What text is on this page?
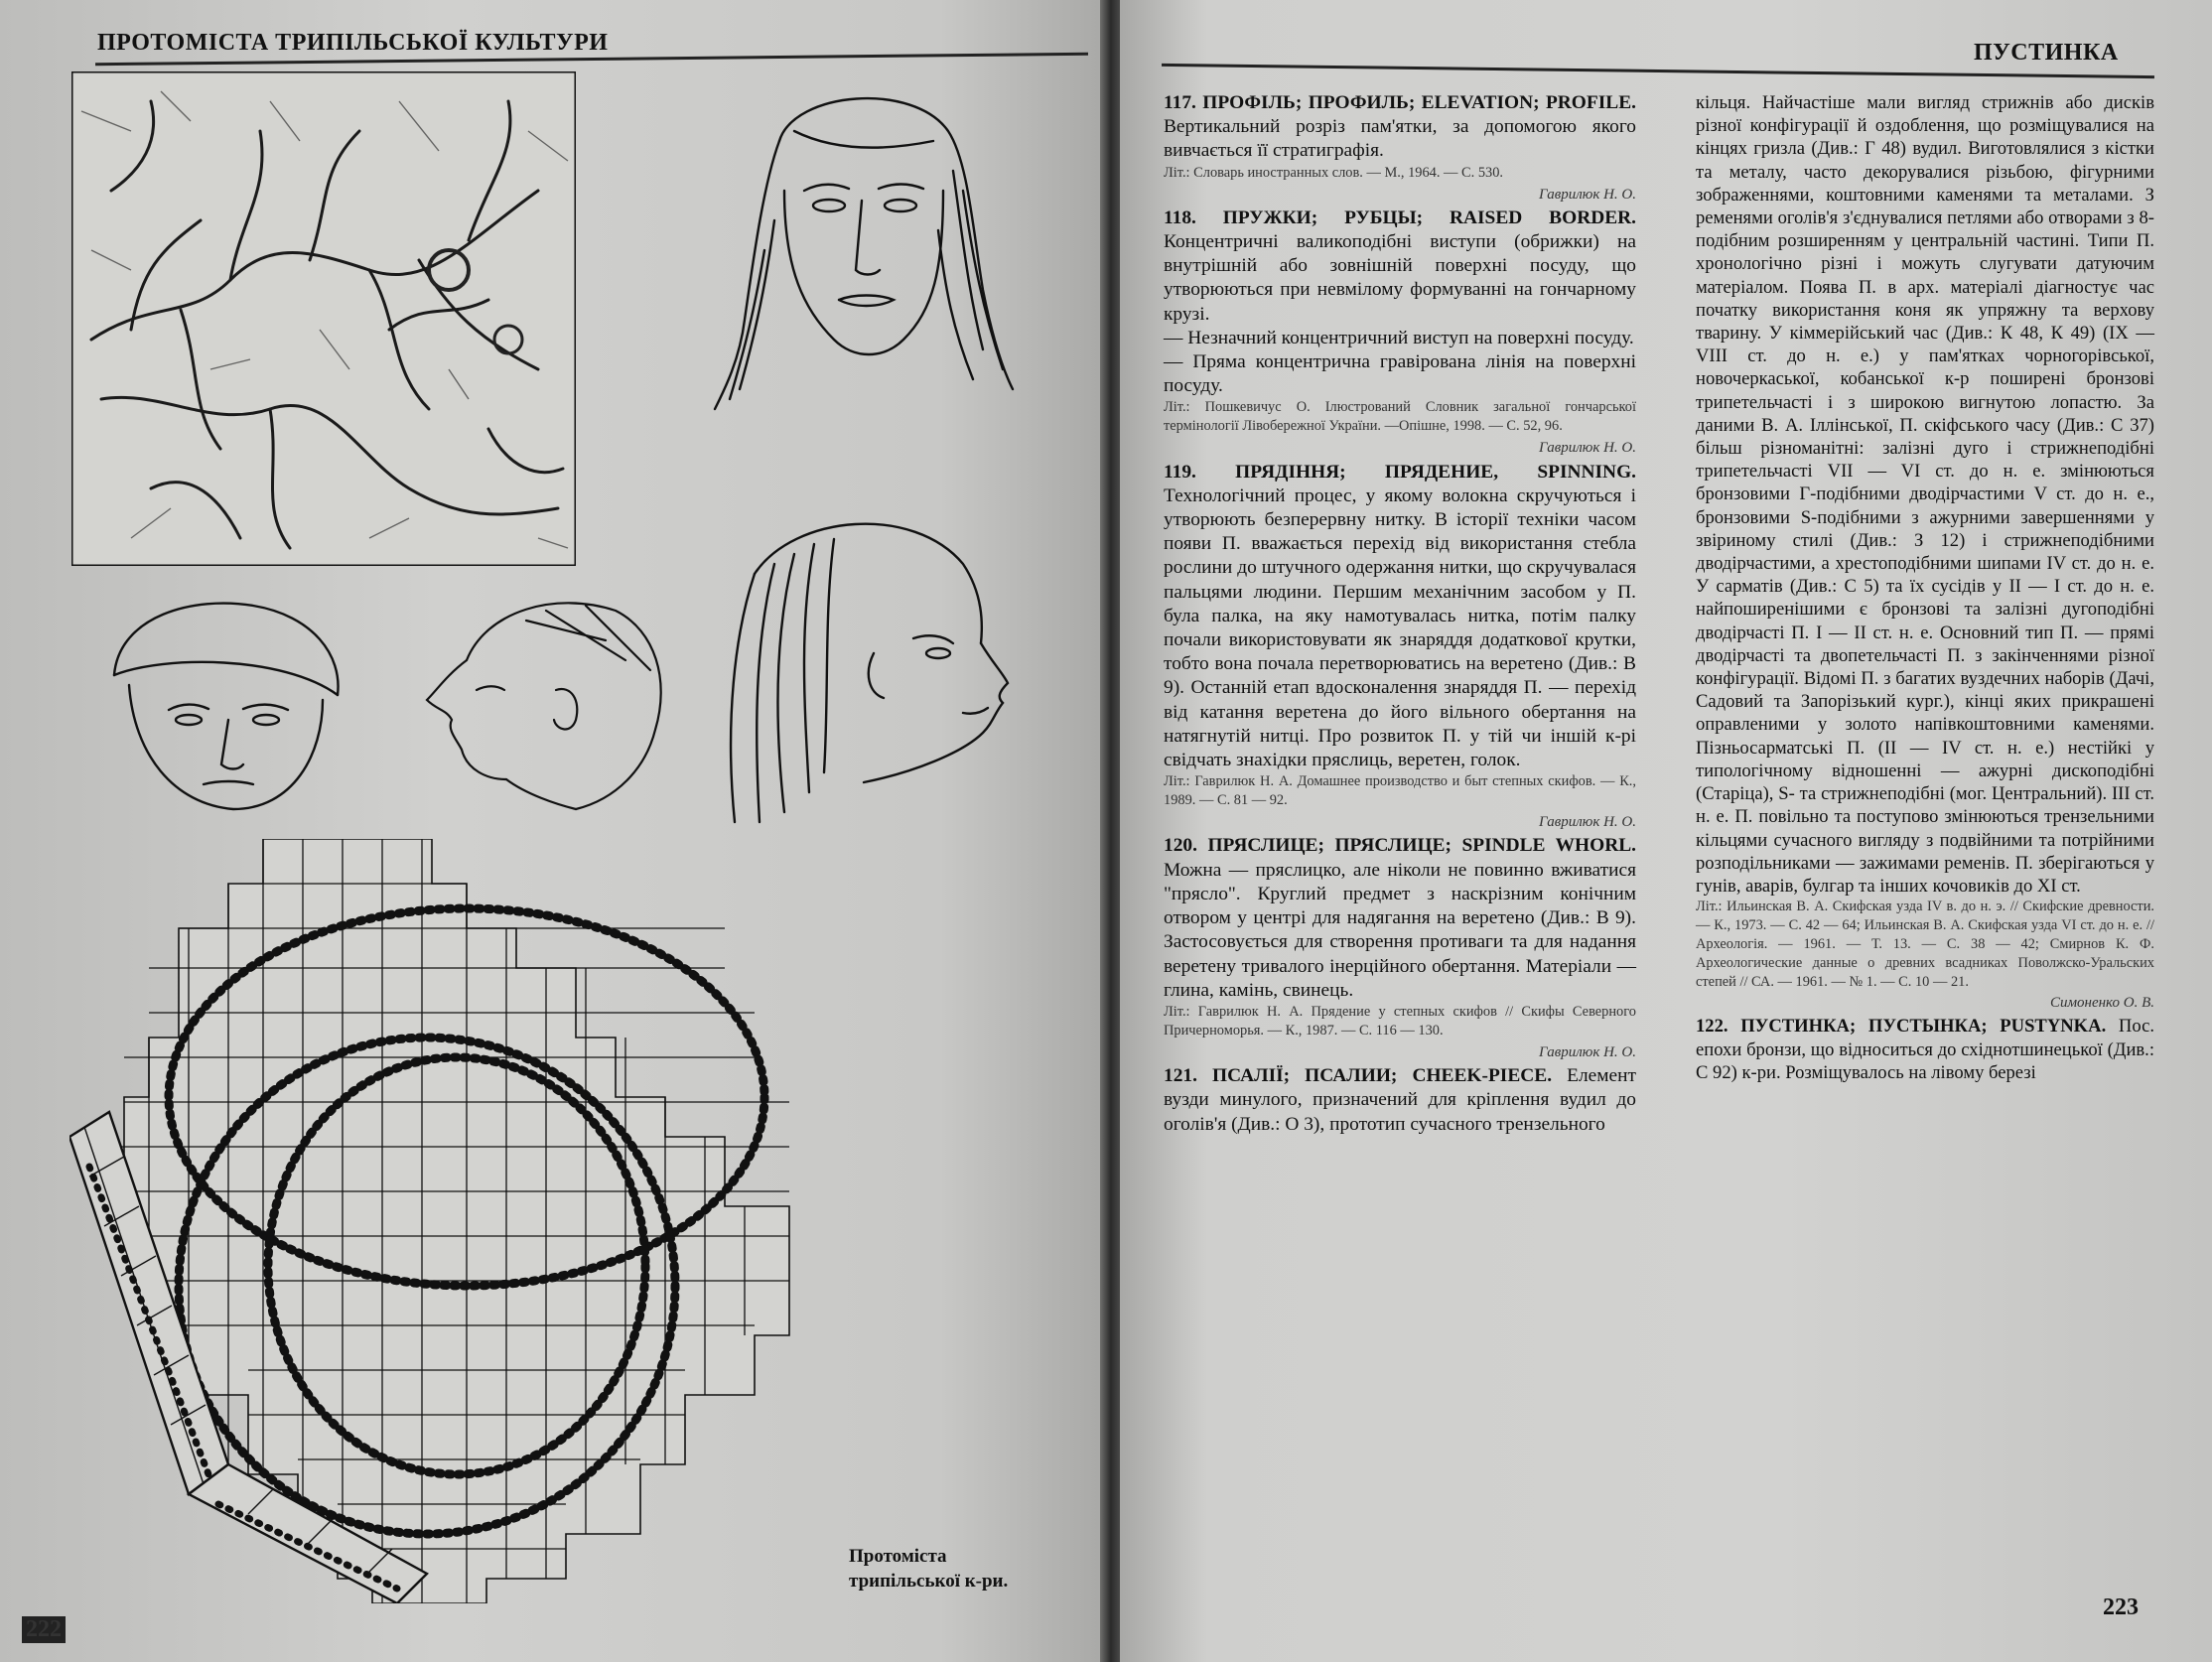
ПРОТОМІСТА ТРИПІЛЬСЬКОЇ КУЛЬТУРИ
Протоміста
трипільської к-ри.
222
ПУСТИНКА

117. ПРОФІЛЬ; ПРОФИЛЬ; ELEVATION; PROFILE. Вертикальний розріз пам'ятки, за допомогою якого вивчається її стратиграфія.

Літ.: Словарь иностранных слов. — М., 1964. — С. 530.

Гаврилюк Н. О.

118. ПРУЖКИ; РУБЦЫ; RAISED BORDER. Концентричні валикоподібні виступи (обрижки) на внутрішній або зовнішній поверхні посуду, що утворюються при невмілому формуванні на гончарному крузі.

— Незначний концентричний виступ на поверхні посуду.

— Пряма концентрична гравірована лінія на поверхні посуду.

Літ.: Пошкевичус О. Ілюстрований Словник загальної гончарської термінології Лівобережної України. —Опішне, 1998. — С. 52, 96.

Гаврилюк Н. О.

119. ПРЯДІННЯ; ПРЯДЕНИЕ, SPINNING. Технологічний процес, у якому волокна скручуються і утворюють безперервну нитку. В історії техніки часом появи П. вважається перехід від використання стебла рослини до штучного одержання нитки, що скручувалася пальцями людини. Першим механічним засобом у П. була палка, на яку намотувалась нитка, потім палку почали використовувати як знаряддя додаткової крутки, тобто вона почала перетворюватись на веретено (Див.: В 9). Останній етап вдосконалення знаряддя П. — перехід від катання веретена до його вільного обертання на натягнутій нитці. Про розвиток П. у тій чи іншій к-рі свідчать знахідки пряслиць, веретен, голок.

Літ.: Гаврилюк Н. А. Домашнее производство и быт степных скифов. — К., 1989. — С. 81 — 92.

Гаврилюк Н. О.

120. ПРЯСЛИЦЕ; ПРЯСЛИЦЕ; SPINDLE WHORL. Можна — пряслицко, але ніколи не повинно вживатися "прясло". Круглий предмет з наскрізним конічним отвором у центрі для надягання на веретено (Див.: В 9). Застосовується для створення противаги та для надання веретену тривалого інерційного обертання. Матеріали — глина, камінь, свинець.

Літ.: Гаврилюк Н. А. Прядение у степных скифов // Скифы Северного Причерноморья. — К., 1987. — С. 116 — 130.

Гаврилюк Н. О.

121. ПСАЛІЇ; ПСАЛИИ; CHEEK-PIECE. Елемент вузди минулого, призначений для кріплення вудил до оголів'я (Див.: О 3), прототип сучасного трензельного

кільця. Найчастіше мали вигляд стрижнів або дисків різної конфігурації й оздоблення, що розміщувалися на кінцях гризла (Див.: Г 48) вудил. Виготовлялися з кістки та металу, часто декорувалися різьбою, фігурними зображеннями, коштовними каменями та металами. З ременями оголів'я з'єднувалися петлями або отворами з 8-подібним розширенням у центральній частині. Типи П. хронологічно різні і можуть слугувати датуючим матеріалом. Поява П. в арх. матеріалі діагностує час початку використання коня як упряжну та верхову тварину. У кіммерійський час (Див.: К 48, К 49) (IX — VIII ст. до н. е.) у пам'ятках чорногорівської, новочеркаської, кобанської к-р поширені бронзові трипетельчасті і з широкою вигнутою лопастю. За даними В. А. Іллінської, П. скіфського часу (Див.: С 37) більш різноманітні: залізні дуго і стрижнеподібні трипетельчасті VII — VI ст. до н. е. змінюються бронзовими Г-подібними дводірчастими V ст. до н. е., бронзовими S-подібними з ажурними завершеннями у звіриному стилі (Див.: З 12) і стрижнеподібними дводірчастими, а хрестоподібними шипами IV ст. до н. е. У сарматів (Див.: С 5) та їх сусідів у II — I ст. до н. е. найпоширенішими є бронзові та залізні дугоподібні дводірчасті П. I — II ст. н. е. Основний тип П. — прямі дводірчасті та двопетельчасті П. з закінченнями різної конфігурації. Відомі П. з багатих вуздечних наборів (Дачі, Садовий та Запорізький кург.), кінці яких прикрашені оправленими у золото напівкоштовними каменями. Пізньосарматські П. (II — IV ст. н. е.) нестійкі у типологічному відношенні — ажурні дископодібні (Старіца), S- та стрижнеподібні (мог. Центральний). III ст. н. е. П. повільно та поступово змінюються трензельними кільцями сучасного вигляду з подвійними та потрійними розподільниками — зажимами ременів. П. зберігаються у гунів, аварів, булгар та інших кочовиків до XI ст.

Літ.: Ильинская В. А. Скифская узда IV в. до н. э. // Скифские древности. — К., 1973. — С. 42 — 64; Ильинская В. А. Скифская узда VI ст. до н. е. // Археологія. — 1961. — Т. 13. — С. 38 — 42; Смирнов К. Ф. Археологические данные о древних всадниках Поволжско-Уральских степей // СА. — 1961. — № 1. — С. 10 — 21.

Симоненко О. В.

122. ПУСТИНКА; ПУСТЫНКА; PUSTYNKA. Пос. епохи бронзи, що відноситься до східнотшинецької (Див.: С 92) к-ри. Розміщувалось на лівому березі

223
